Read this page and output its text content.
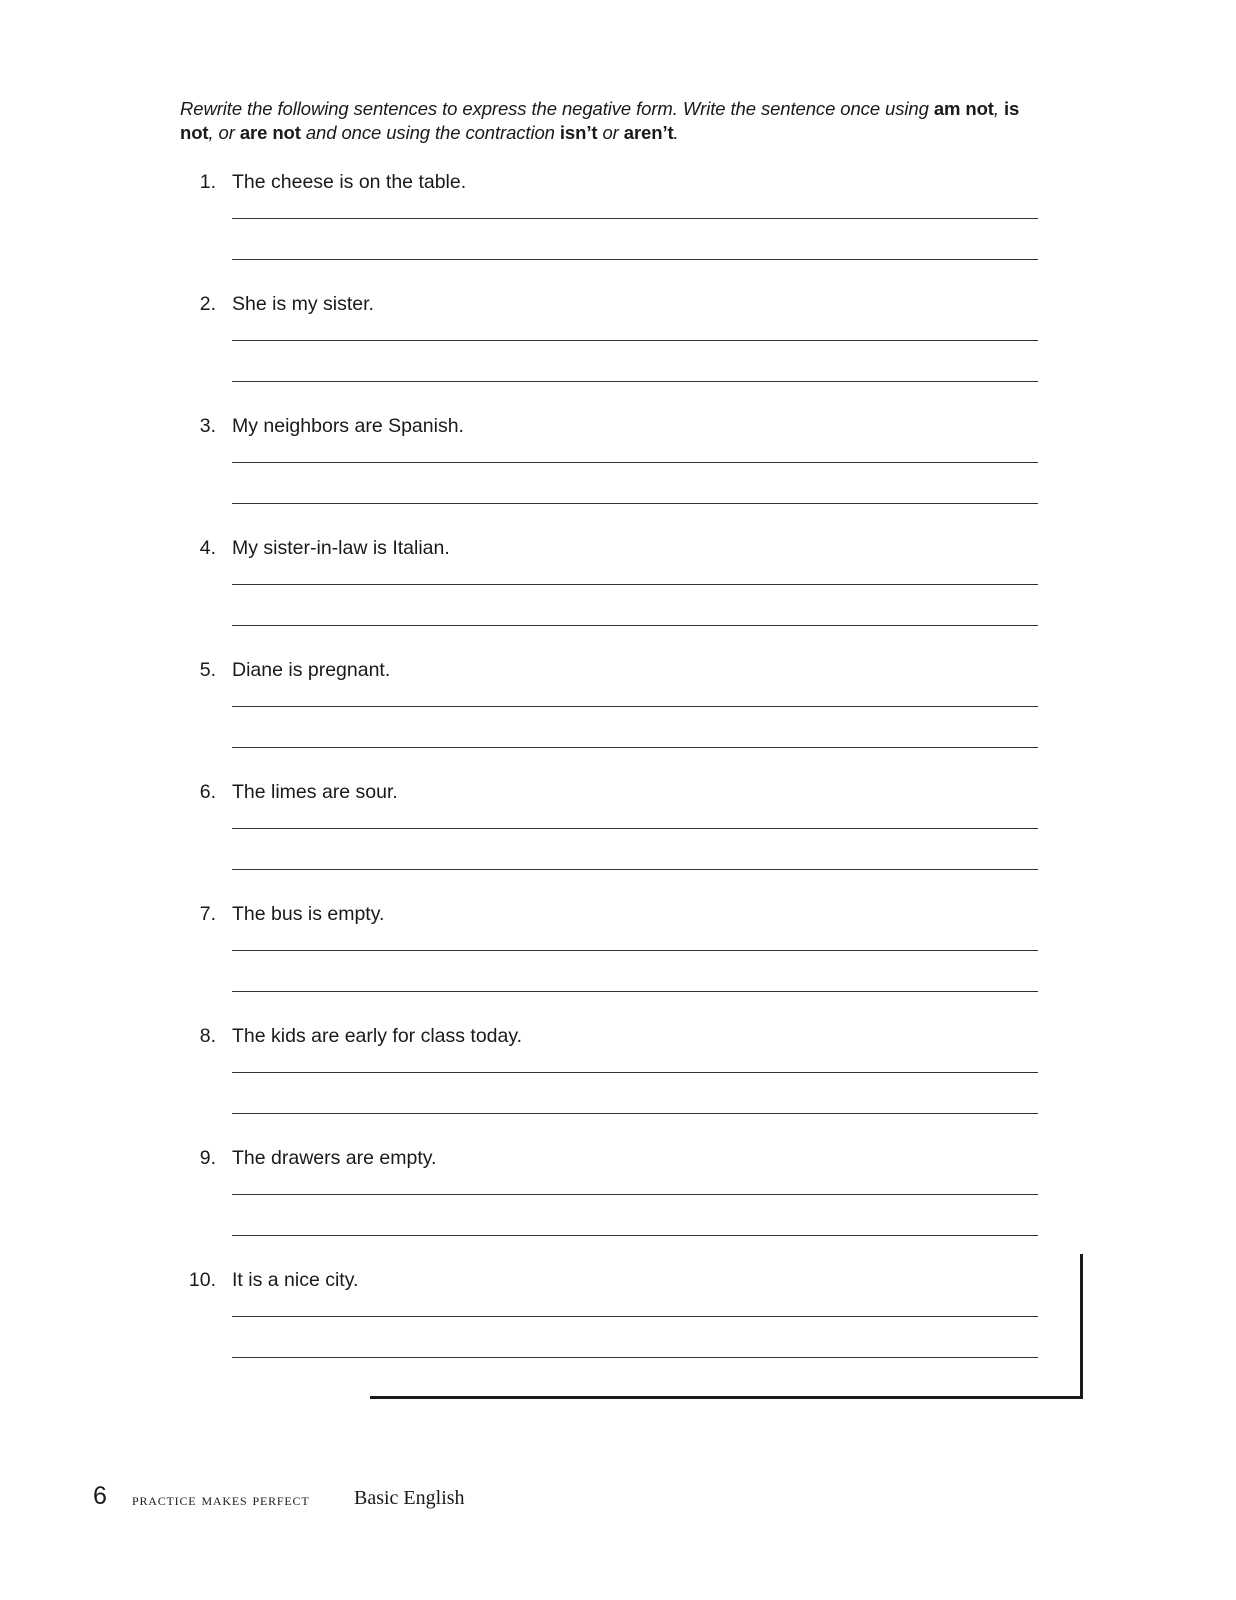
Rewrite the following sentences to express the negative form. Write the sentence once using am not, is not, or are not and once using the contraction isn’t or aren’t.
1. The cheese is on the table.
2. She is my sister.
3. My neighbors are Spanish.
4. My sister-in-law is Italian.
5. Diane is pregnant.
6. The limes are sour.
7. The bus is empty.
8. The kids are early for class today.
9. The drawers are empty.
10. It is a nice city.
6 practice makes perfect Basic English
